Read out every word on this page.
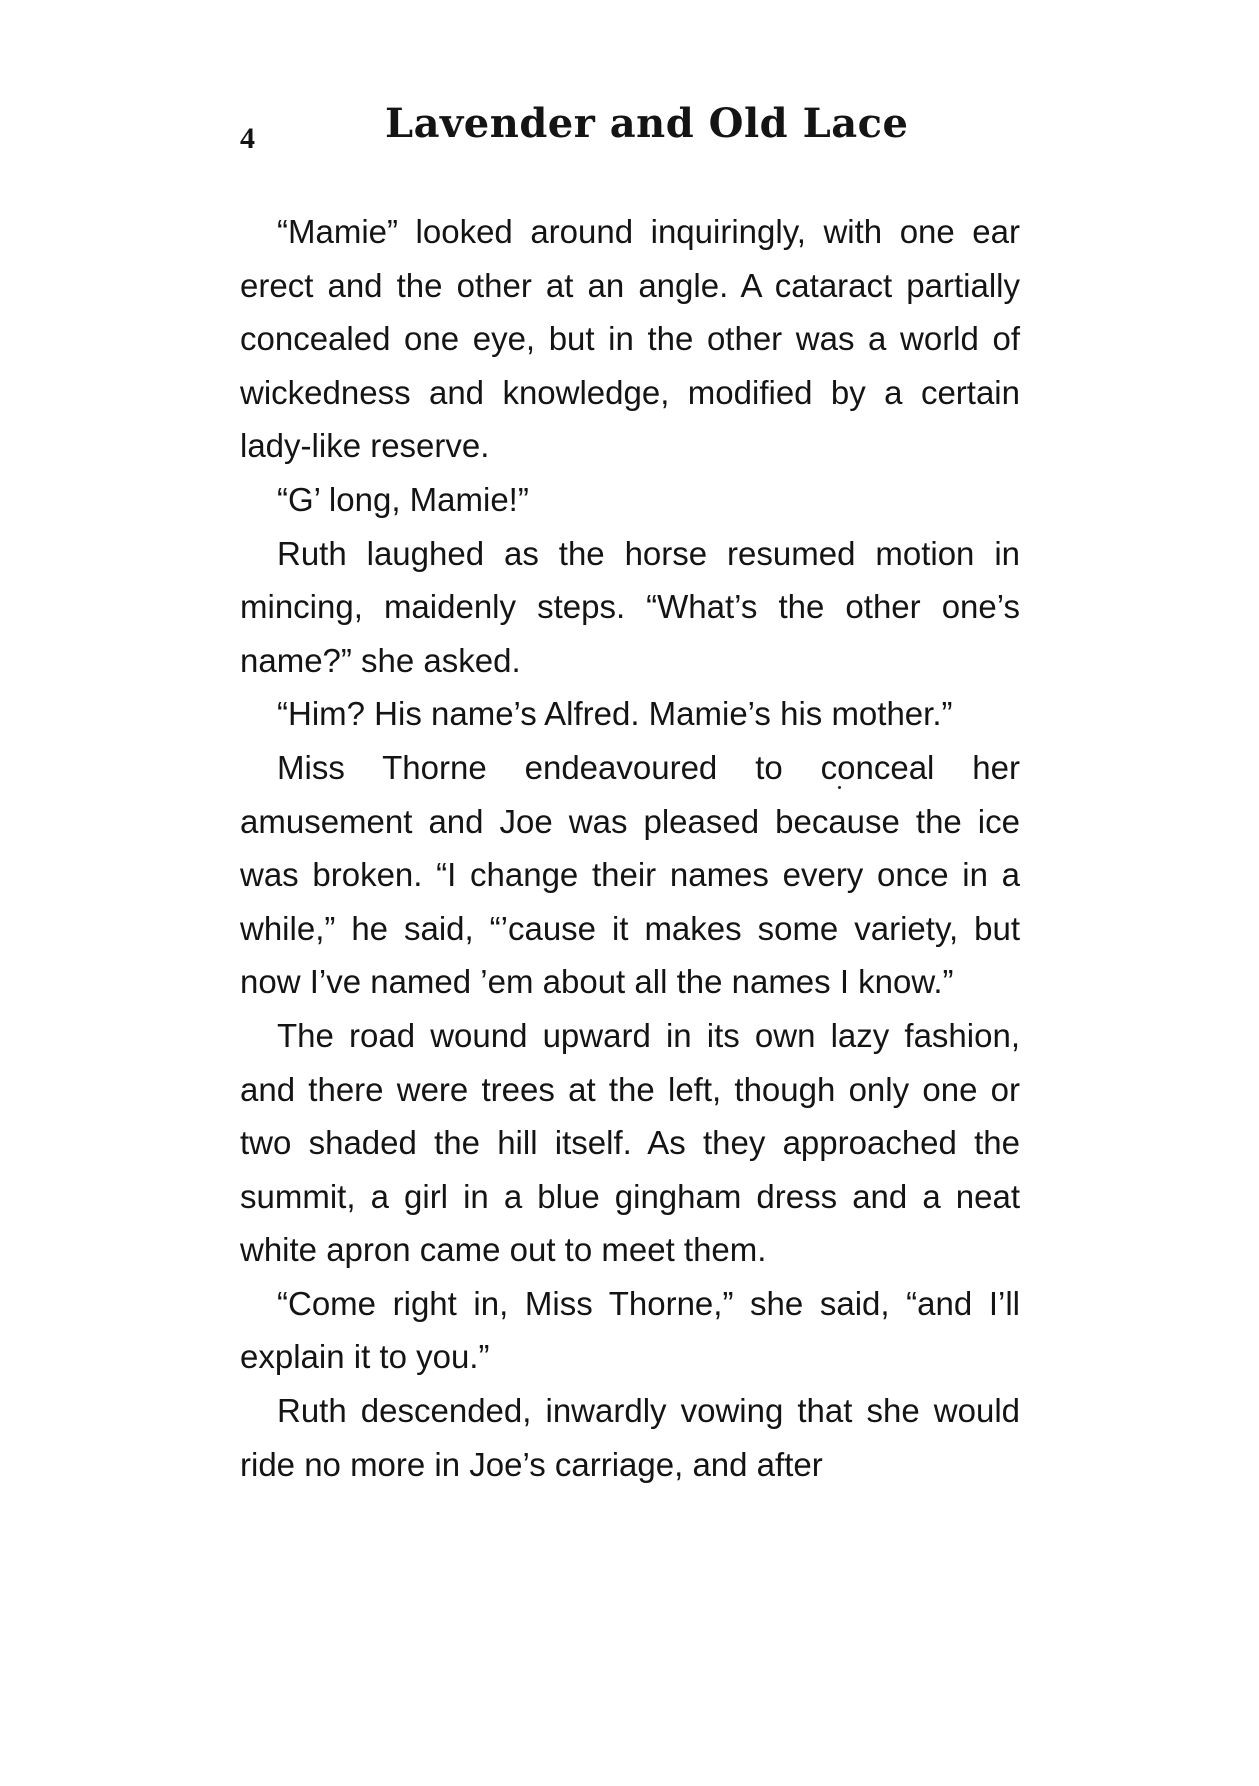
4	Lavender and Old Lace

“Mamie” looked around inquiringly, with one ear erect and the other at an angle. A cataract partially concealed one eye, but in the other was a world of wickedness and knowledge, modified by a certain lady-like reserve.

“G’ long, Mamie!”

Ruth laughed as the horse resumed motion in mincing, maidenly steps. “What’s the other one’s name?” she asked.

“Him? His name’s Alfred. Mamie’s his mother.”

Miss Thorne endeavoured to conceal her amusement and Joe was pleased because the ice was broken. “I change their names every once in a while,” he said, “’cause it makes some variety, but now I’ve named ’em about all the names I know.”

The road wound upward in its own lazy fashion, and there were trees at the left, though only one or two shaded the hill itself. As they approached the summit, a girl in a blue gingham dress and a neat white apron came out to meet them.

“Come right in, Miss Thorne,” she said, “and I’ll explain it to you.”

Ruth descended, inwardly vowing that she would ride no more in Joe’s carriage, and after
